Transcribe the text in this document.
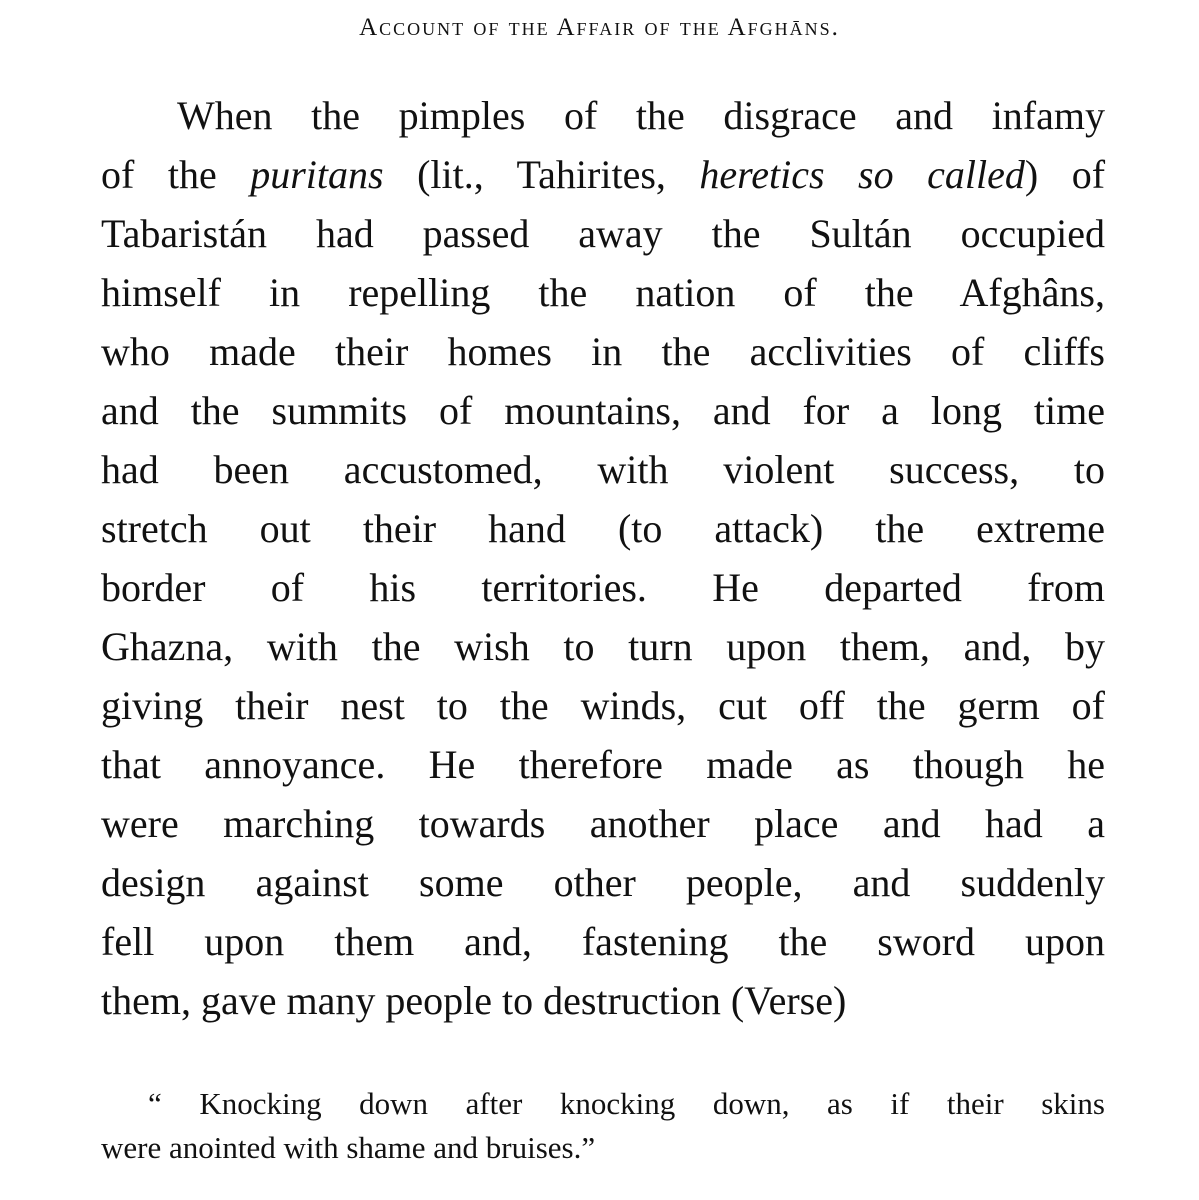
Account of the Affair of the Afghāns.
When the pimples of the disgrace and infamy
of the puritans (lit., Tahirites, heretics so called) of
Tabaristán had passed away the Sultán occupied
himself in repelling the nation of the Afghâns,
who made their homes in the acclivities of cliffs
and the summits of mountains, and for a long time
had been accustomed, with violent success, to
stretch out their hand (to attack) the extreme
border of his territories. He departed from
Ghazna, with the wish to turn upon them, and, by
giving their nest to the winds, cut off the germ of
that annoyance. He therefore made as though he
were marching towards another place and had a
design against some other people, and suddenly
fell upon them and, fastening the sword upon
them, gave many people to destruction (Verse)
“ Knocking down after knocking down, as if their skins
were anointed with shame and bruises.”
